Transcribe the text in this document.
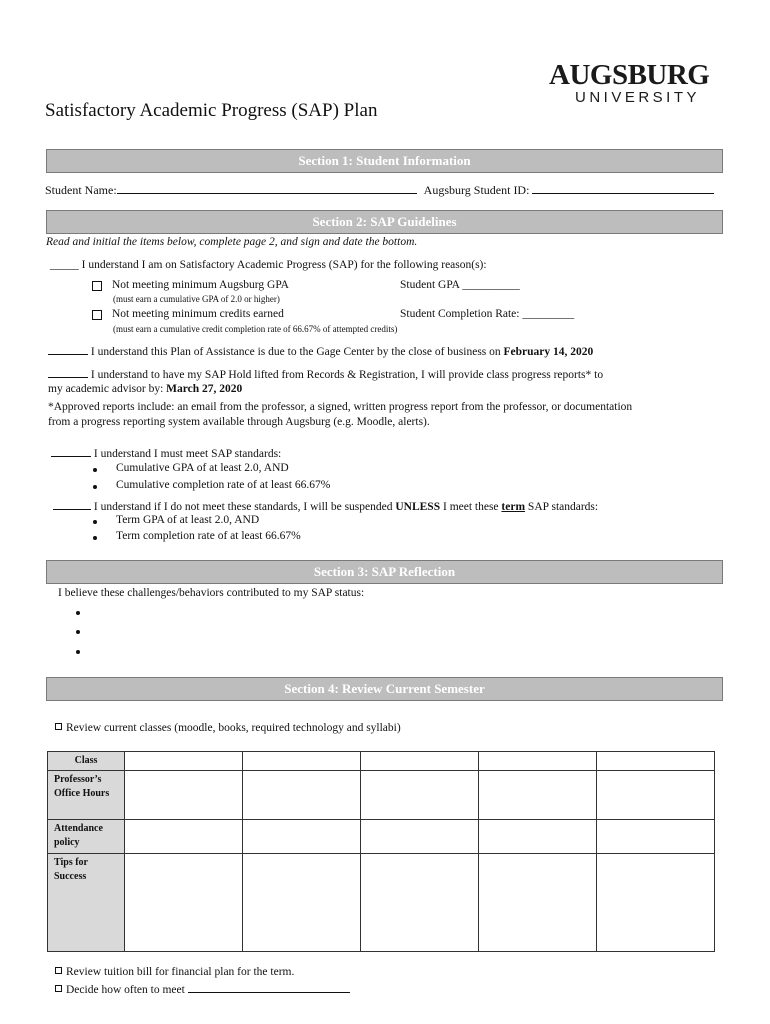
AUGSBURG
UNIVERSITY
Satisfactory Academic Progress (SAP) Plan
Section 1: Student Information
Student Name:	Augsburg Student ID:
Section 2: SAP Guidelines
Read and initial the items below, complete page 2, and sign and date the bottom.
_____ I understand I am on Satisfactory Academic Progress (SAP) for the following reason(s):
Not meeting minimum Augsburg GPA	Student GPA __________
(must earn a cumulative GPA of 2.0 or higher)
Not meeting minimum credits earned	Student Completion Rate: _________
(must earn a cumulative credit completion rate of 66.67% of attempted credits)
I understand this Plan of Assistance is due to the Gage Center by the close of business on February 14, 2020
I understand to have my SAP Hold lifted from Records & Registration, I will provide class progress reports* to
my academic advisor by: March 27, 2020
*Approved reports include: an email from the professor, a signed, written progress report from the professor, or documentation
from a progress reporting system available through Augsburg (e.g. Moodle, alerts).
I understand I must meet SAP standards:
Cumulative GPA of at least 2.0, AND
Cumulative completion rate of at least 66.67%
I understand if I do not meet these standards, I will be suspended UNLESS I meet these term SAP standards:
Term GPA of at least 2.0, AND
Term completion rate of at least 66.67%
Section 3: SAP Reflection
I believe these challenges/behaviors contributed to my SAP status:
Section 4: Review Current Semester
Review current classes (moodle, books, required technology and syllabi)
Class					
Professor’s Office Hours					
Attendance policy					
Tips for Success					
Review tuition bill for financial plan for the term.
Decide how often to meet
